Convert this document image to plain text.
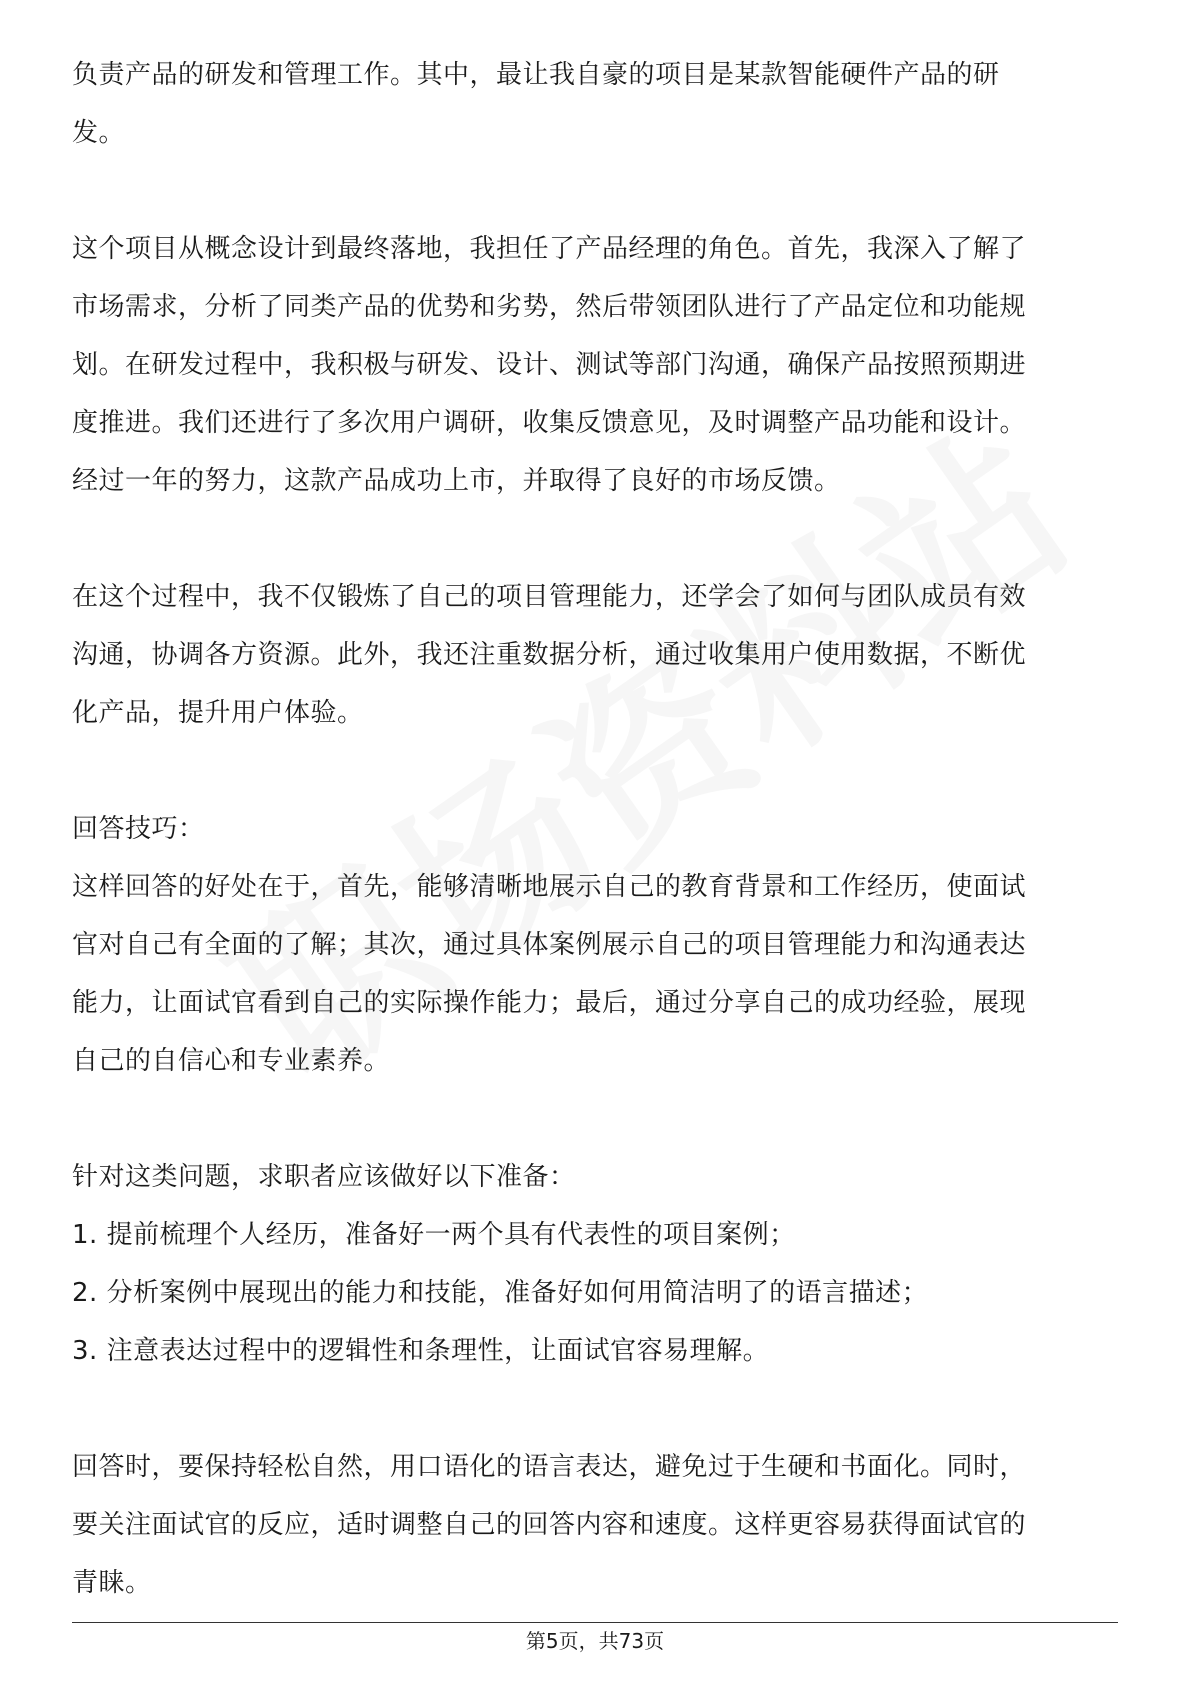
负责产品的研发和管理工作。其中，最让我自豪的项目是某款智能硬件产品的研
发。
这个项目从概念设计到最终落地，我担任了产品经理的角色。首先，我深入了解了
市场需求，分析了同类产品的优势和劣势，然后带领团队进行了产品定位和功能规
划。在研发过程中，我积极与研发、设计、测试等部门沟通，确保产品按照预期进
度推进。我们还进行了多次用户调研，收集反馈意见，及时调整产品功能和设计。
经过一年的努力，这款产品成功上市，并取得了良好的市场反馈。
在这个过程中，我不仅锻炼了自己的项目管理能力，还学会了如何与团队成员有效
沟通，协调各方资源。此外，我还注重数据分析，通过收集用户使用数据，不断优
化产品，提升用户体验。
回答技巧：
这样回答的好处在于，首先，能够清晰地展示自己的教育背景和工作经历，使面试
官对自己有全面的了解；其次，通过具体案例展示自己的项目管理能力和沟通表达
能力，让面试官看到自己的实际操作能力；最后，通过分享自己的成功经验，展现
自己的自信心和专业素养。
针对这类问题，求职者应该做好以下准备：
1. 提前梳理个人经历，准备好一两个具有代表性的项目案例；
2. 分析案例中展现出的能力和技能，准备好如何用简洁明了的语言描述；
3. 注意表达过程中的逻辑性和条理性，让面试官容易理解。
回答时，要保持轻松自然，用口语化的语言表达，避免过于生硬和书面化。同时，
要关注面试官的反应，适时调整自己的回答内容和速度。这样更容易获得面试官的
青睐。
第5页，共73页
